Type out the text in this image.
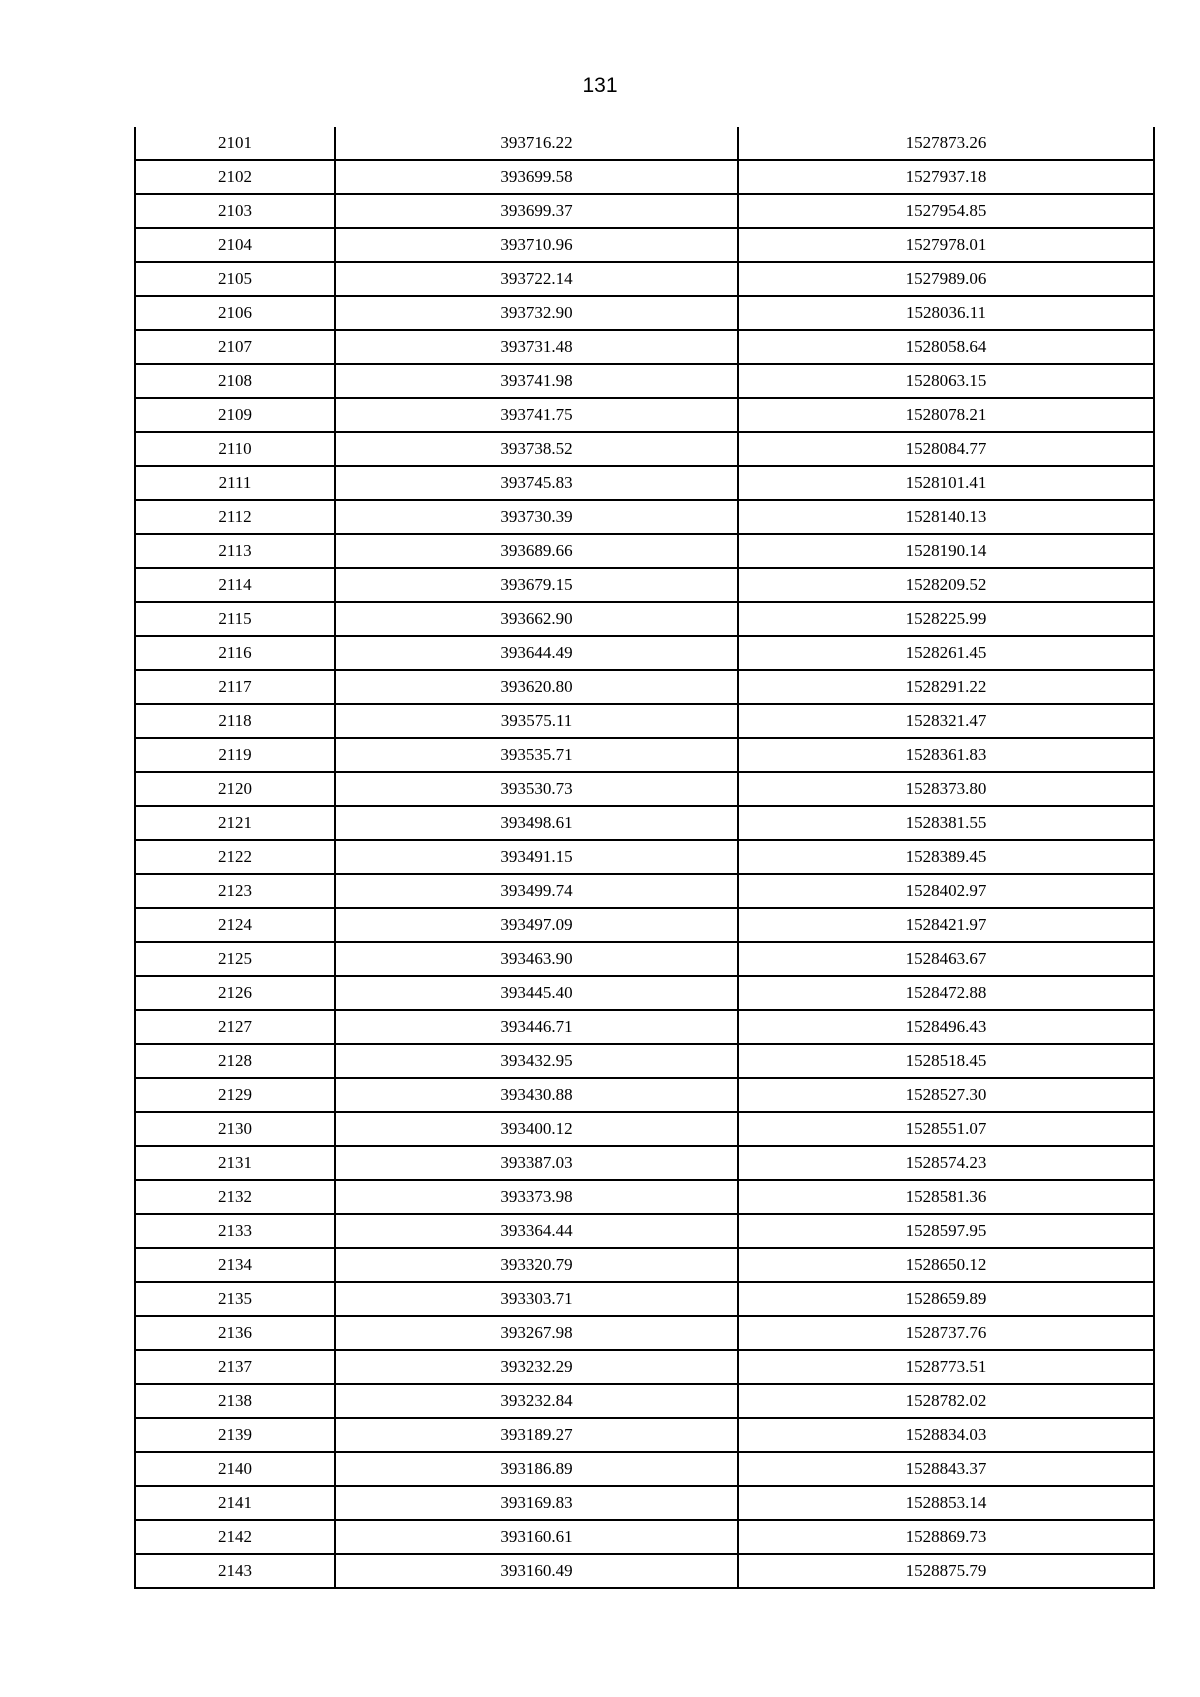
131
2101	393716.22	1527873.26
2102	393699.58	1527937.18
2103	393699.37	1527954.85
2104	393710.96	1527978.01
2105	393722.14	1527989.06
2106	393732.90	1528036.11
2107	393731.48	1528058.64
2108	393741.98	1528063.15
2109	393741.75	1528078.21
2110	393738.52	1528084.77
2111	393745.83	1528101.41
2112	393730.39	1528140.13
2113	393689.66	1528190.14
2114	393679.15	1528209.52
2115	393662.90	1528225.99
2116	393644.49	1528261.45
2117	393620.80	1528291.22
2118	393575.11	1528321.47
2119	393535.71	1528361.83
2120	393530.73	1528373.80
2121	393498.61	1528381.55
2122	393491.15	1528389.45
2123	393499.74	1528402.97
2124	393497.09	1528421.97
2125	393463.90	1528463.67
2126	393445.40	1528472.88
2127	393446.71	1528496.43
2128	393432.95	1528518.45
2129	393430.88	1528527.30
2130	393400.12	1528551.07
2131	393387.03	1528574.23
2132	393373.98	1528581.36
2133	393364.44	1528597.95
2134	393320.79	1528650.12
2135	393303.71	1528659.89
2136	393267.98	1528737.76
2137	393232.29	1528773.51
2138	393232.84	1528782.02
2139	393189.27	1528834.03
2140	393186.89	1528843.37
2141	393169.83	1528853.14
2142	393160.61	1528869.73
2143	393160.49	1528875.79
